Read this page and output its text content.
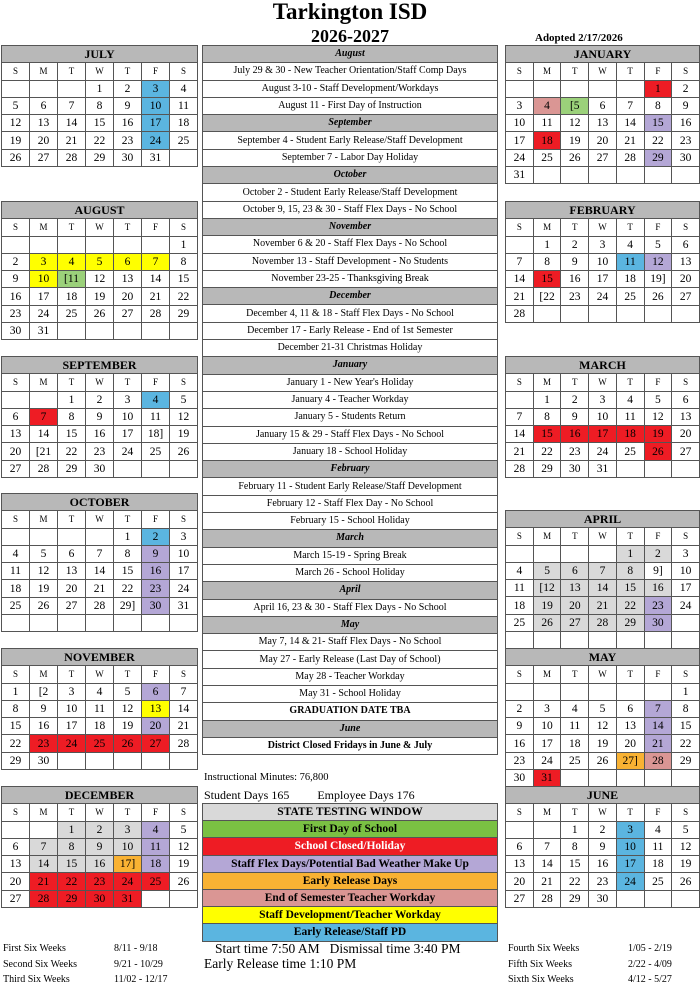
Tarkington ISD
2026-2027	Adopted 2/17/2026
JULY						
S	M	T	W	T	F	S
			1	2	3	4
5	6	7	8	9	10	11
12	13	14	15	16	17	18
19	20	21	22	23	24	25
26	27	28	29	30	31	
AUGUST						
S	M	T	W	T	F	S
						1
2	3	4	5	6	7	8
9	10	[11	12	13	14	15
16	17	18	19	20	21	22
23	24	25	26	27	28	29
30	31					
SEPTEMBER						
S	M	T	W	T	F	S
		1	2	3	4	5
6	7	8	9	10	11	12
13	14	15	16	17	18]	19
20	[21	22	23	24	25	26
27	28	29	30			
OCTOBER						
S	M	T	W	T	F	S
				1	2	3
4	5	6	7	8	9	10
11	12	13	14	15	16	17
18	19	20	21	22	23	24
25	26	27	28	29]	30	31

NOVEMBER						
S	M	T	W	T	F	S
1	[2	3	4	5	6	7
8	9	10	11	12	13	14
15	16	17	18	19	20	21
22	23	24	25	26	27	28
29	30					
DECEMBER						
S	M	T	W	T	F	S
		1	2	3	4	5
6	7	8	9	10	11	12
13	14	15	16	17]	18	19
20	21	22	23	24	25	26
27	28	29	30	31		
JANUARY						
S	M	T	W	T	F	S
					1	2
3	4	[5	6	7	8	9
10	11	12	13	14	15	16
17	18	19	20	21	22	23
24	25	26	27	28	29	30
31						
FEBRUARY						
S	M	T	W	T	F	S
	1	2	3	4	5	6
7	8	9	10	11	12	13
14	15	16	17	18	19]	20
21	[22	23	24	25	26	27
28						
MARCH						
S	M	T	W	T	F	S
	1	2	3	4	5	6
7	8	9	10	11	12	13
14	15	16	17	18	19	20
21	22	23	24	25	26	27
28	29	30	31			
APRIL						
S	M	T	W	T	F	S
				1	2	3
4	5	6	7	8	9]	10
11	[12	13	14	15	16	17
18	19	20	21	22	23	24
25	26	27	28	29	30	

MAY						
S	M	T	W	T	F	S
						1
2	3	4	5	6	7	8
9	10	11	12	13	14	15
16	17	18	19	20	21	22
23	24	25	26	27]	28	29
30	31					
JUNE						
S	M	T	W	T	F	S
		1	2	3	4	5
6	7	8	9	10	11	12
13	14	15	16	17	18	19
20	21	22	23	24	25	26
27	28	29	30			
August
July 29 & 30 - New Teacher Orientation/Staff Comp Days
August 3-10 - Staff Development/Workdays
August 11 - First Day of Instruction
September
September 4 - Student Early Release/Staff Development
September 7 - Labor Day Holiday
October
October 2 - Student Early Release/Staff Development
October 9, 15, 23 & 30 - Staff Flex Days - No School
November
November 6 & 20 - Staff Flex Days - No School
November 13 - Staff Development - No Students
November 23-25 - Thanksgiving Break
December
December 4, 11 & 18 - Staff Flex Days - No School
December 17 - Early Release - End of 1st Semester
December 21-31 Christmas Holiday
January
January 1 - New Year's Holiday
January 4 - Teacher Workday
January 5 - Students Return
January 15 & 29 - Staff Flex Days - No School
January 18 - School Holiday
February
February 11 - Student Early Release/Staff Development
February 12 - Staff Flex Day - No School
February 15 - School Holiday
March
March 15-19 - Spring Break
March 26 - School Holiday
April
April 16, 23 & 30 - Staff Flex Days - No School
May
May 7, 14 & 21- Staff Flex Days - No School
May 27 - Early Release (Last Day of School)
May 28 - Teacher Workday
May 31 - School Holiday
GRADUATION DATE TBA
June
District Closed Fridays in June & July
Instructional Minutes: 76,800
Student Days 165 Employee Days 176
STATE TESTING WINDOW
First Day of School
School Closed/Holiday
Staff Flex Days/Potential Bad Weather Make Up
Early Release Days
End of Semester Teacher Workday
Staff Development/Teacher Workday
Early Release/Staff PD
Start time 7:50 AM Dismissal time 3:40 PM
Early Release time 1:10 PM
First Six Weeks	8/11 - 9/18
Second Six Weeks	9/21 - 10/29
Third Six Weeks	11/02 - 12/17
Fourth Six Weeks	1/05 - 2/19
Fifth Six Weeks	2/22 - 4/09
Sixth Six Weeks	4/12 - 5/27
